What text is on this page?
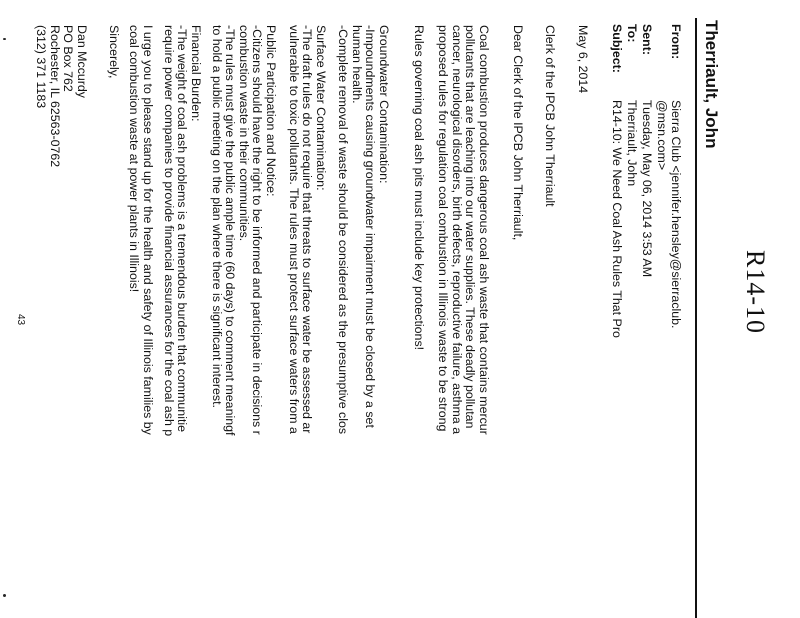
R14-10
Therriault, John
From:
Sierra Club <jennifer.hensley@sierraclub.
@msn.com>
Sent:
Tuesday, May 06, 2014 3:53 AM
To:
Therriault, John
Subject:
R14-10: We Need Coal Ash Rules That Pro
May 6, 2014
Clerk of the IPCB John Therriault
Dear Clerk of the IPCB John Therriault,
Coal combustion produces dangerous coal ash waste that contains mercur
pollutants that are leaching into our water supplies. These deadly pollutan
cancer, neurological disorders, birth defects, reproductive failure, asthma a
proposed rules for regulation coal combustion in Illinois waste to be strong
Rules governing coal ash pits must include key protections!
Groundwater Contamination:
-Impoundments causing groundwater impairment must be closed by a set
human health.
-Complete removal of waste should be considered as the presumptive clos
Surface Water Contamination:
-The draft rules do not require that threats to surface water be assessed ar
vulnerable to toxic pollutants. The rules must protect surface waters from a
Public Participation and Notice:
-Citizens should have the right to be informed and participate in decisions r
combustion waste in their communities.
-The rules must give the public ample time (60 days) to comment meaningf
to hold a public meeting on the plan where there is significant interest.
Financial Burden:
-The weight of coal ash problems is a tremendous burden that communitie
require power companies to provide financial assurances for the coal ash p
I urge you to please stand up for the health and safety of Illinois families by
coal combustion waste at power plants in Illinois!
Sincerely,
Dan Mccurdy
PO Box 762
Rochester, IL 62563-0762
(312) 371 1183
43
